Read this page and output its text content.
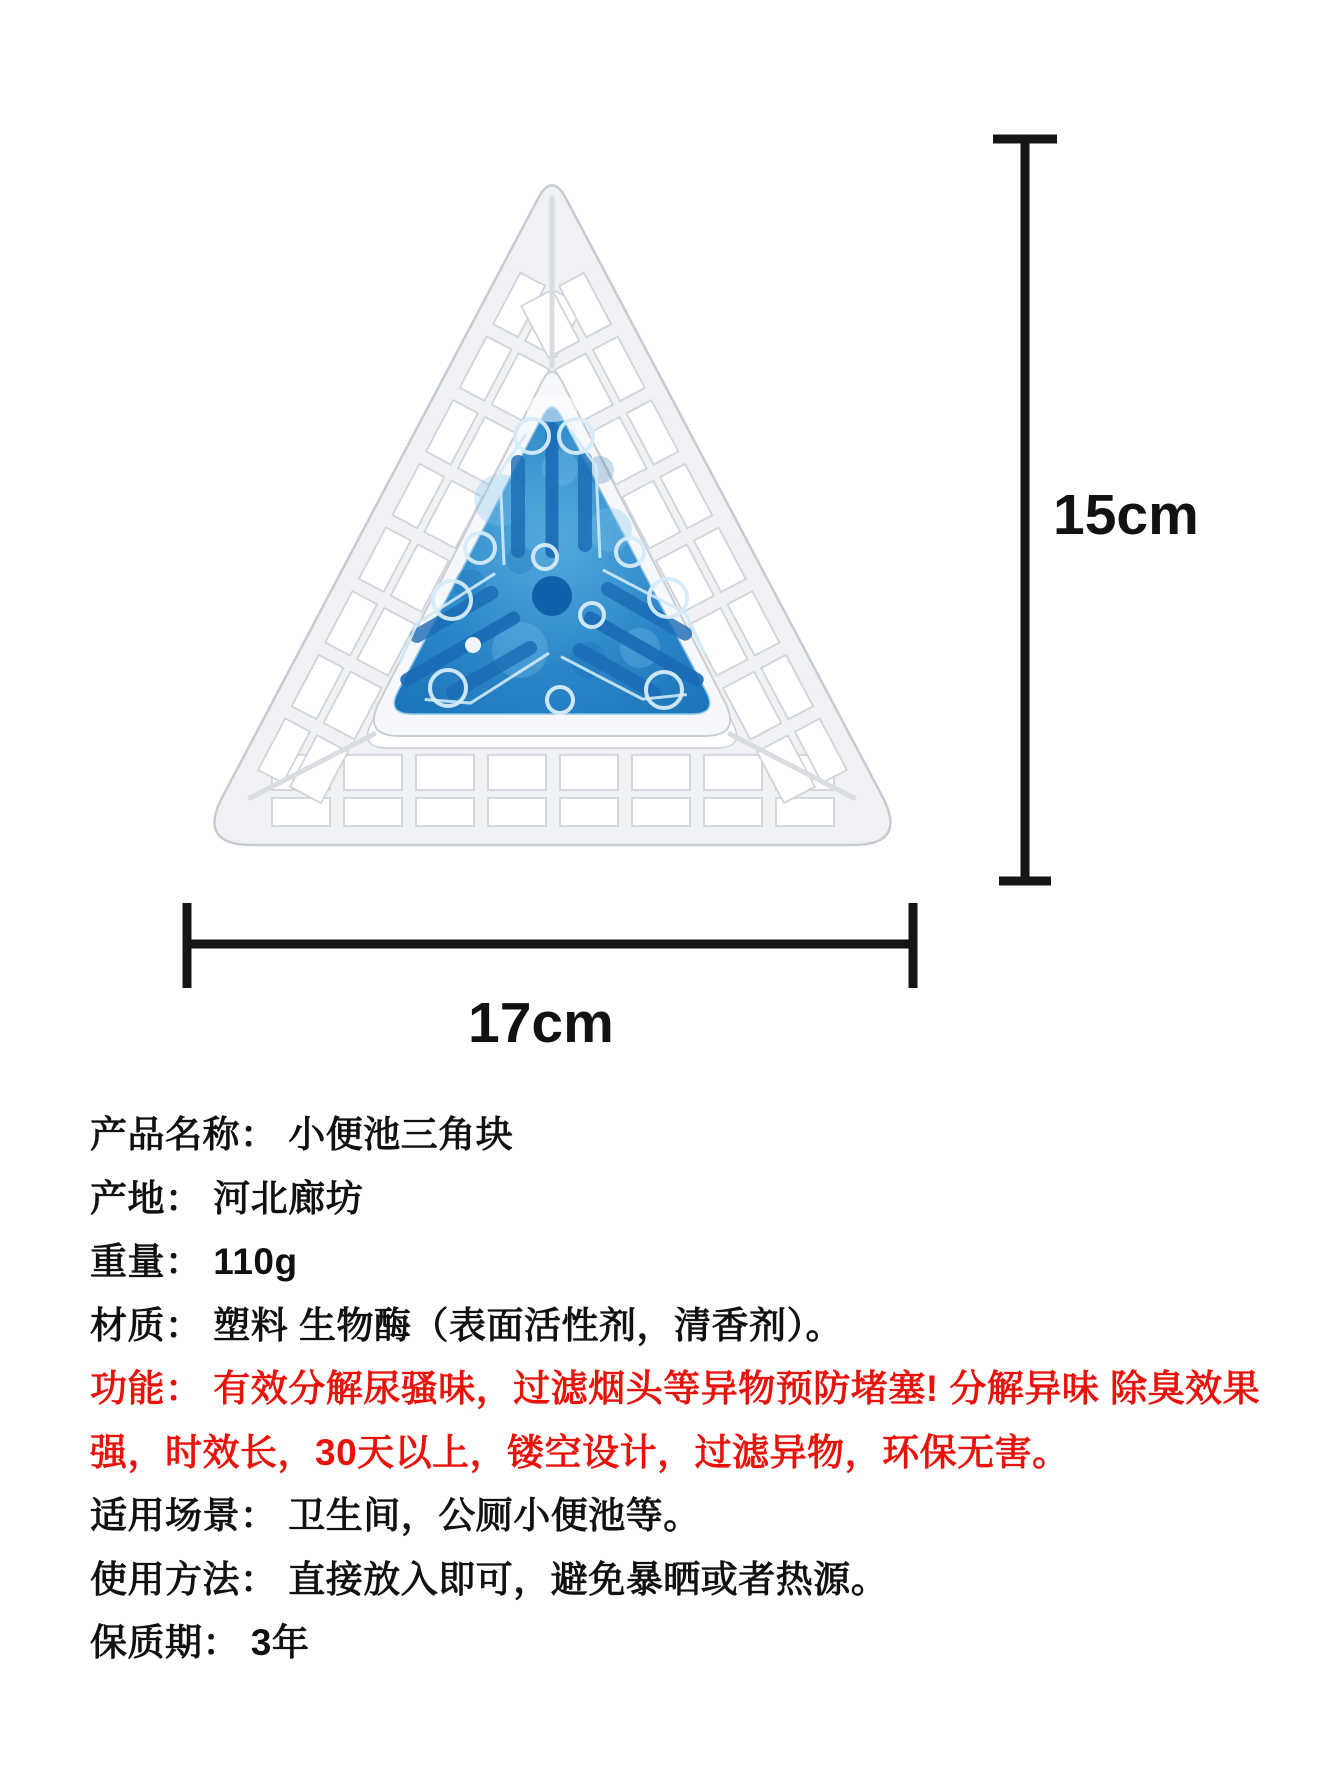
15cm
17cm
产品名称： 小便池三角块
产地： 河北廊坊
重量： 110g
材质： 塑料 生物酶（表面活性剂，清香剂）。
功能： 有效分解尿骚味，过滤烟头等异物预防堵塞! 分解异味 除臭效果
强，时效长，30天以上，镂空设计，过滤异物，环保无害。
适用场景： 卫生间，公厕小便池等。
使用方法： 直接放入即可，避免暴晒或者热源。
保质期： 3年
